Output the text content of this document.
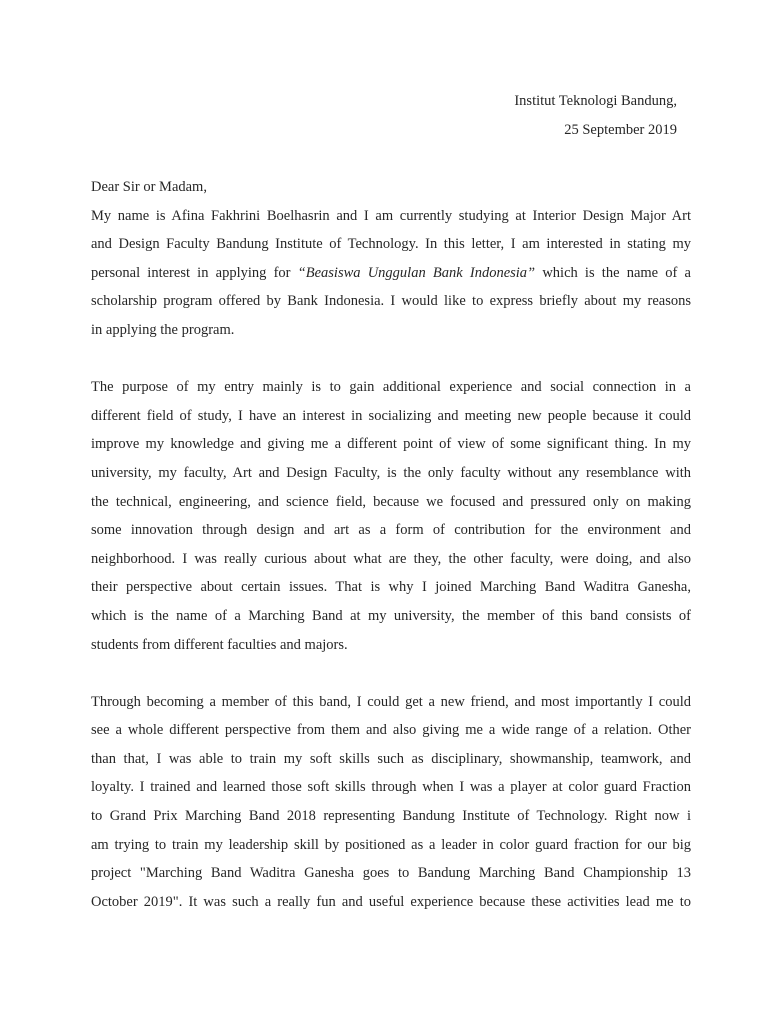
Institut Teknologi Bandung,
25 September 2019
Dear Sir or Madam,

My name is Afina Fakhrini Boelhasrin and I am currently studying at Interior Design Major Art
and Design Faculty Bandung Institute of Technology. In this letter, I am interested in stating my
personal interest in applying for “Beasiswa Unggulan Bank Indonesia” which is the name of a
scholarship program offered by Bank Indonesia. I would like to express briefly about my reasons
in applying the program.

The purpose of my entry mainly is to gain additional experience and social connection in a
different field of study, I have an interest in socializing and meeting new people because it could
improve my knowledge and giving me a different point of view of some significant thing. In my
university, my faculty, Art and Design Faculty, is the only faculty without any resemblance with
the technical, engineering, and science field, because we focused and pressured only on making
some innovation through design and art as a form of contribution for the environment and
neighborhood. I was really curious about what are they, the other faculty, were doing, and also
their perspective about certain issues. That is why I joined Marching Band Waditra Ganesha,
which is the name of a Marching Band at my university, the member of this band consists of
students from different faculties and majors.

Through becoming a member of this band, I could get a new friend, and most importantly I could
see a whole different perspective from them and also giving me a wide range of a relation. Other
than that, I was able to train my soft skills such as disciplinary, showmanship, teamwork, and
loyalty. I trained and learned those soft skills through when I was a player at color guard Fraction
to Grand Prix Marching Band 2018 representing Bandung Institute of Technology. Right now i
am trying to train my leadership skill by positioned as a leader in color guard fraction for our big
project "Marching Band Waditra Ganesha goes to Bandung Marching Band Championship 13
October 2019". It was such a really fun and useful experience because these activities lead me to
